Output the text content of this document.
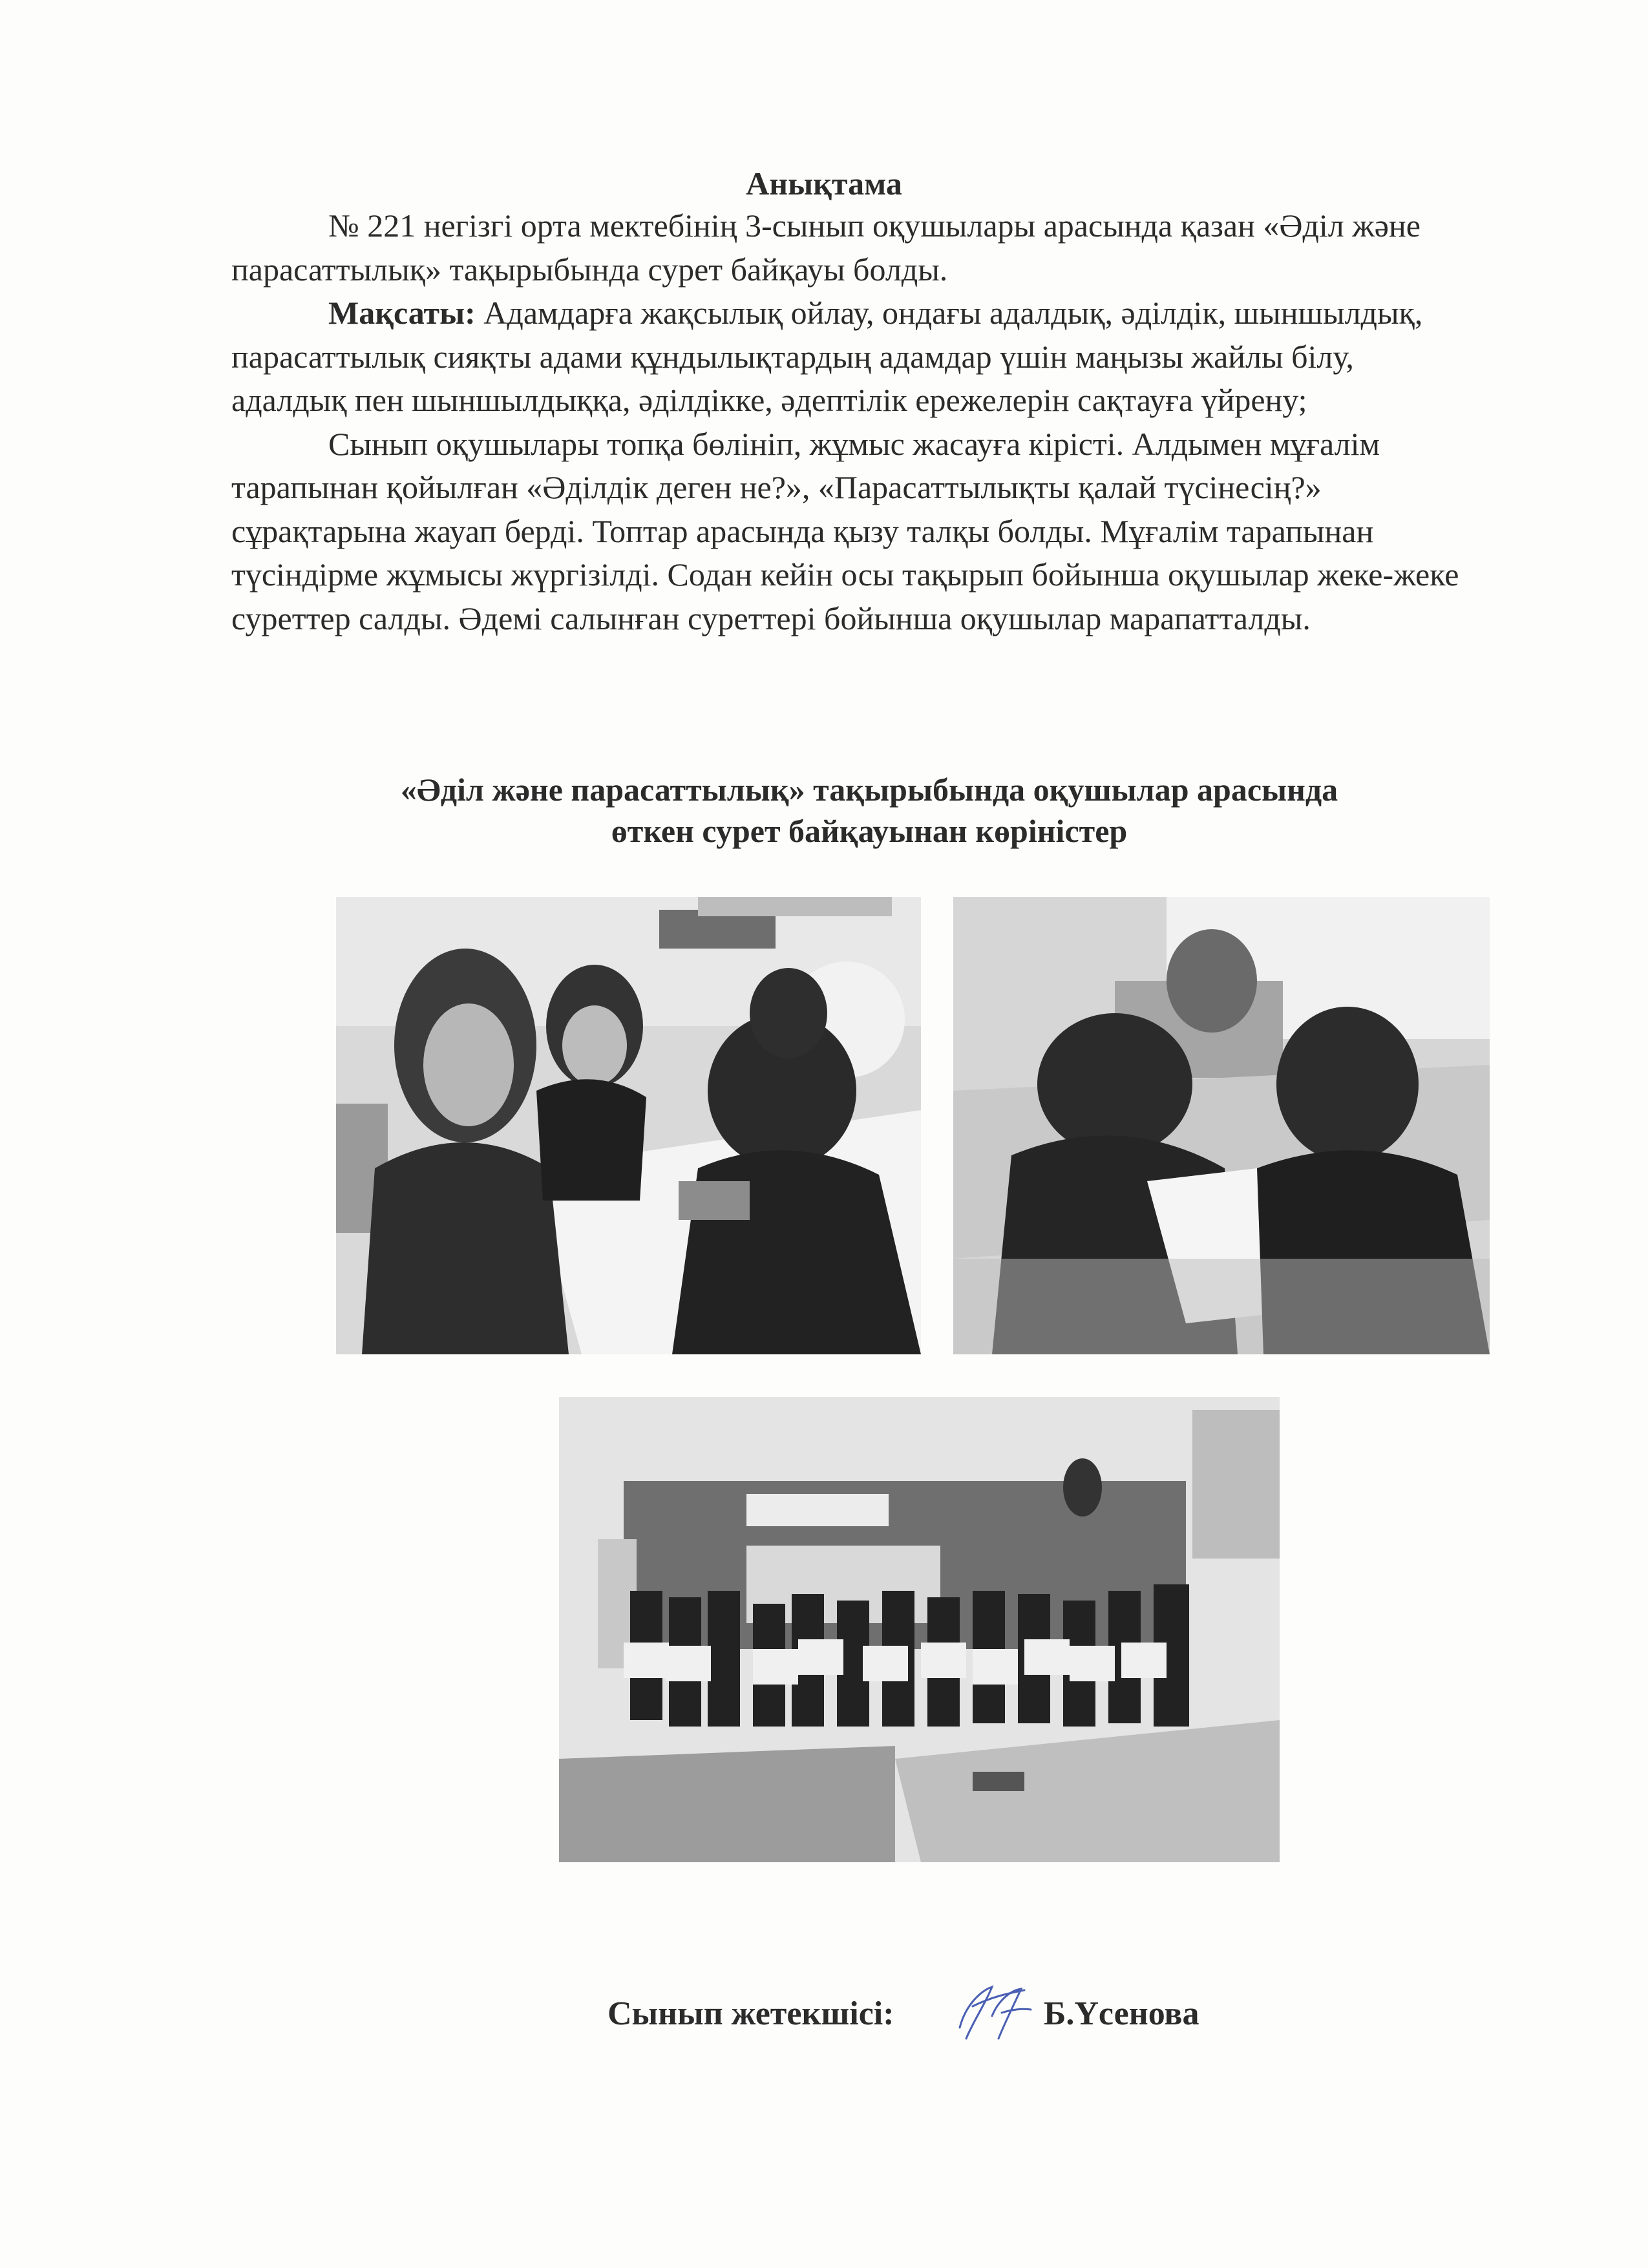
Анықтама

№ 221 негізгі орта мектебінің 3-сынып оқушылары арасында қазан «Әділ және парасаттылық» тақырыбында сурет байқауы болды.

Мақсаты: Адамдарға жақсылық ойлау, ондағы адалдық, әділдік, шыншылдық, парасаттылық сияқты адами құндылықтардың адамдар үшін маңызы жайлы білу, адалдық пен шыншылдыққа, әділдікке, әдептілік ережелерін сақтауға үйрену;

Сынып оқушылары топқа бөлініп, жұмыс жасауға кірісті. Алдымен мұғалім тарапынан қойылған «Әділдік деген не?», «Парасаттылықты қалай түсінесің?» сұрақтарына жауап берді. Топтар арасында қызу талқы болды. Мұғалім тарапынан түсіндірме жұмысы жүргізілді. Содан кейін осы тақырып бойынша оқушылар жеке-жеке суреттер салды. Әдемі салынған суреттері бойынша оқушылар марапатталды.

«Әділ және парасаттылық» тақырыбында оқушылар арасында
өткен сурет байқауынан көріністер
Сынып жетекшісі:	Б.Үсенова
